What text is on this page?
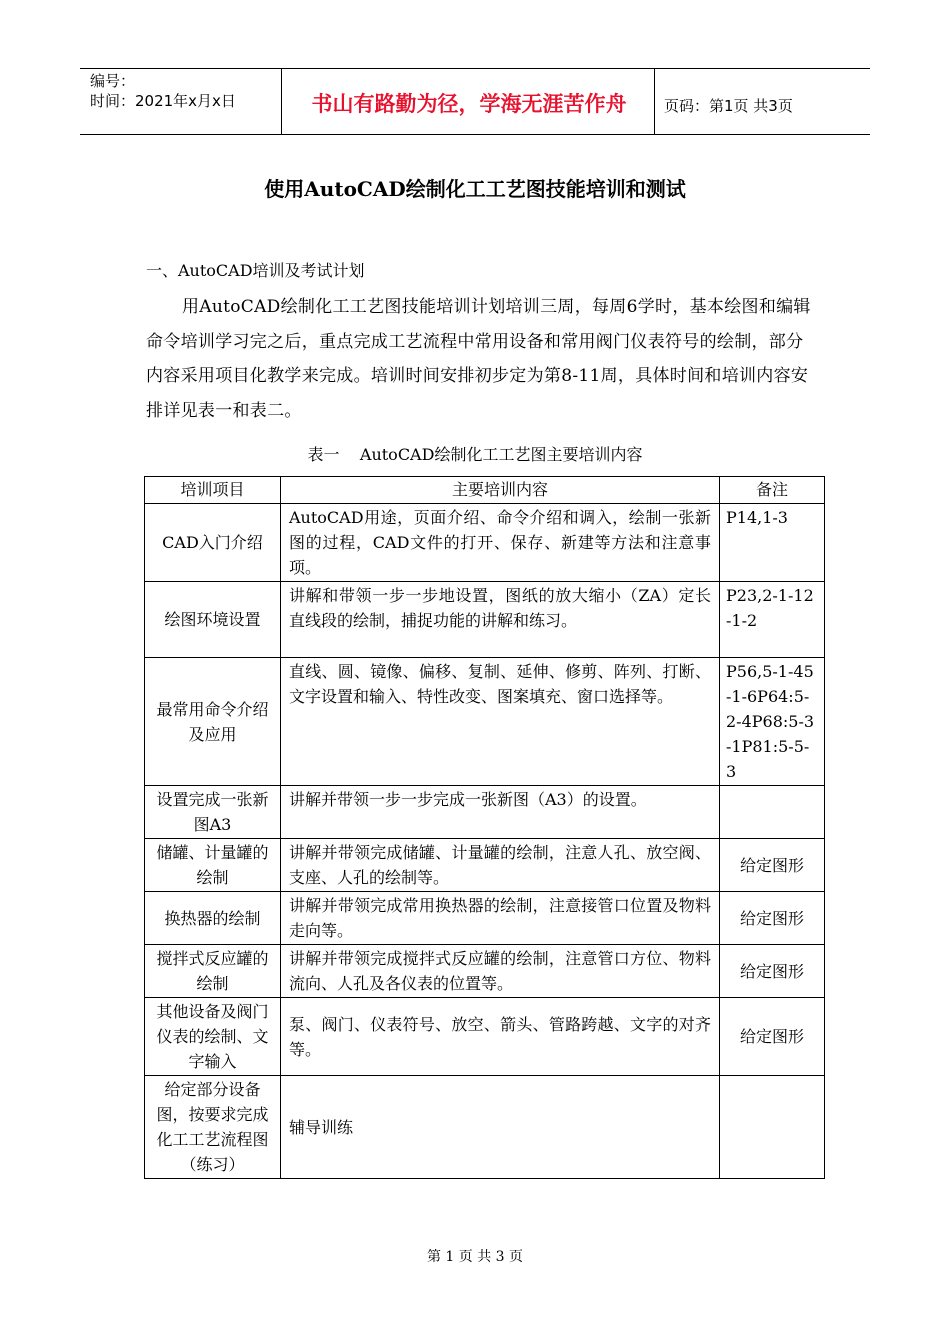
编号：
时间：2021年x月x日	书山有路勤为径，学海无涯苦作舟	页码：第1页 共3页
使用AutoCAD绘制化工工艺图技能培训和测试
一、AutoCAD培训及考试计划
用AutoCAD绘制化工工艺图技能培训计划培训三周，每周6学时，基本绘图和编辑命令培训学习完之后，重点完成工艺流程中常用设备和常用阀门仪表符号的绘制，部分内容采用项目化教学来完成。培训时间安排初步定为第8-11周，具体时间和培训内容安排详见表一和表二。
表一    AutoCAD绘制化工工艺图主要培训内容
培训项目	主要培训内容	备注
CAD入门介绍	AutoCAD用途，页面介绍、命令介绍和调入，绘制一张新图的过程，CAD文件的打开、保存、新建等方法和注意事项。	P14,1-3
绘图环境设置	讲解和带领一步一步地设置，图纸的放大缩小（ZA）定长直线段的绘制，捕捉功能的讲解和练习。	P23,2-1-12-1-2
最常用命令介绍及应用	直线、圆、镜像、偏移、复制、延伸、修剪、阵列、打断、文字设置和输入、特性改变、图案填充、窗口选择等。	P56,5-1-45-1-6P64:5-2-4P68:5-3-1P81:5-5-3
设置完成一张新图A3	讲解并带领一步一步完成一张新图（A3）的设置。	
储罐、计量罐的绘制	讲解并带领完成储罐、计量罐的绘制，注意人孔、放空阀、支座、人孔的绘制等。	给定图形
换热器的绘制	讲解并带领完成常用换热器的绘制，注意接管口位置及物料走向等。	给定图形
搅拌式反应罐的绘制	讲解并带领完成搅拌式反应罐的绘制，注意管口方位、物料流向、人孔及各仪表的位置等。	给定图形
其他设备及阀门仪表的绘制、文字输入	泵、阀门、仪表符号、放空、箭头、管路跨越、文字的对齐等。	给定图形
给定部分设备图，按要求完成化工工艺流程图（练习）	辅导训练	
第 1 页 共 3 页
